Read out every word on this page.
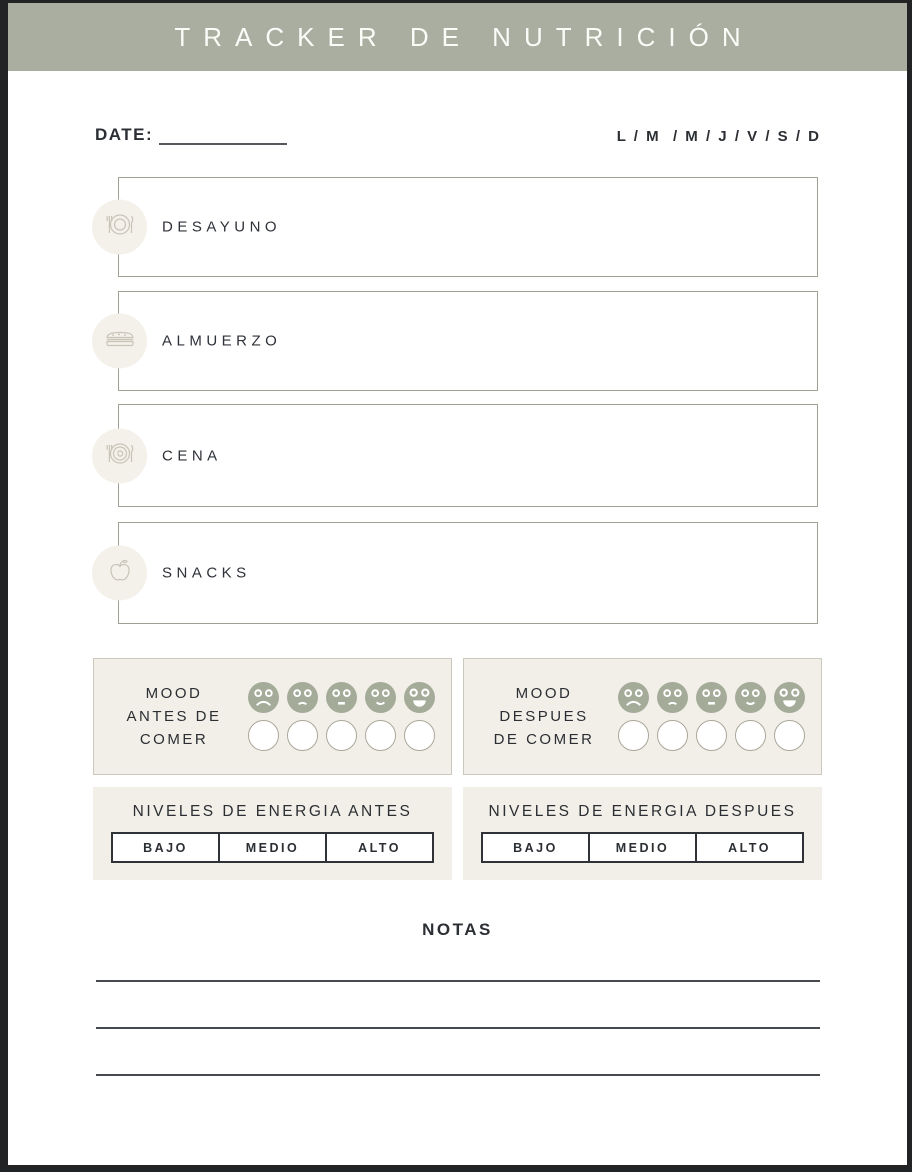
TRACKER DE NUTRICIÓN
DATE:	L / M  / M / J / V / S / D
DESAYUNO
ALMUERZO
CENA
SNACKS
MOOD
ANTES DE
COMER
MOOD
DESPUES
DE COMER
NIVELES DE ENERGIA ANTES
BAJO	MEDIO	ALTO
NIVELES DE ENERGIA DESPUES
BAJO	MEDIO	ALTO
NOTAS
